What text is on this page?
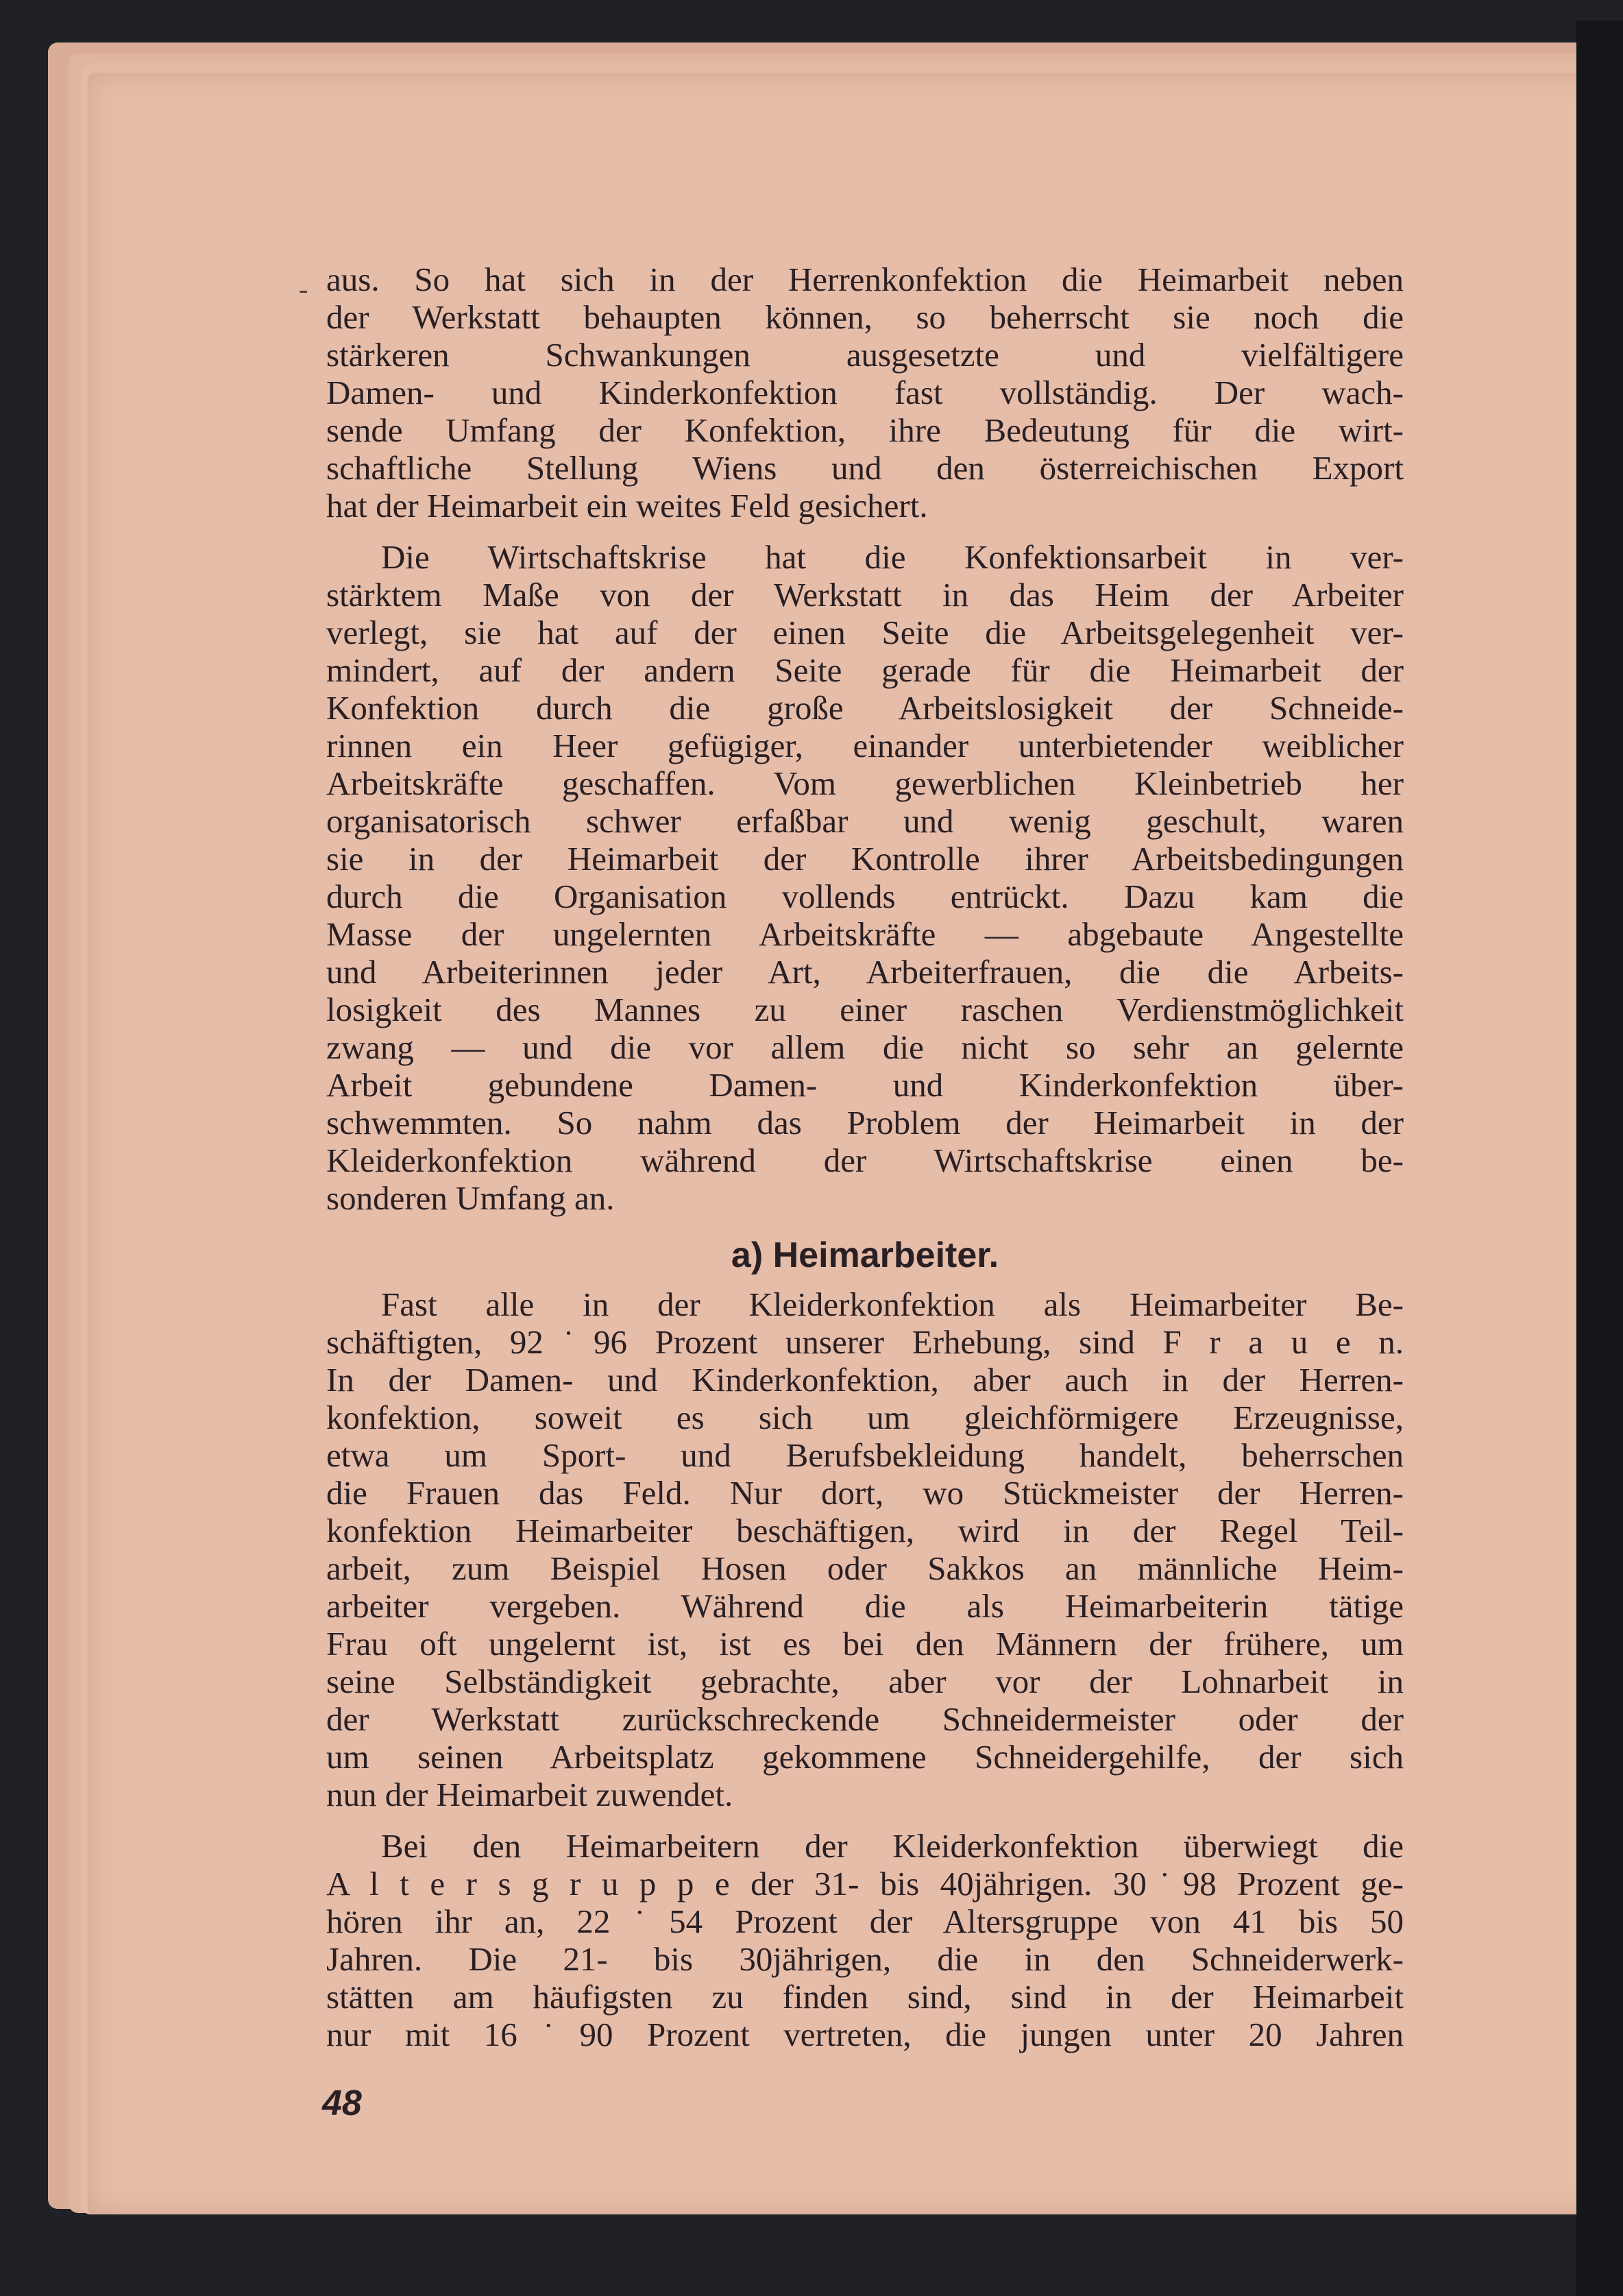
- aus. So hat sich in der Herrenkonfektion die Heimarbeit neben
der Werkstatt behaupten können, so beherrscht sie noch die
stärkeren Schwankungen ausgesetzte und vielfältigere
Damen- und Kinderkonfektion fast vollständig. Der wach-
sende Umfang der Konfektion, ihre Bedeutung für die wirt-
schaftliche Stellung Wiens und den österreichischen Export
hat der Heimarbeit ein weites Feld gesichert.
Die Wirtschaftskrise hat die Konfektionsarbeit in ver-
stärktem Maße von der Werkstatt in das Heim der Arbeiter
verlegt, sie hat auf der einen Seite die Arbeitsgelegenheit ver-
mindert, auf der andern Seite gerade für die Heimarbeit der
Konfektion durch die große Arbeitslosigkeit der Schneide-
rinnen ein Heer gefügiger, einander unterbietender weiblicher
Arbeitskräfte geschaffen. Vom gewerblichen Kleinbetrieb her
organisatorisch schwer erfaßbar und wenig geschult, waren
sie in der Heimarbeit der Kontrolle ihrer Arbeitsbedingungen
durch die Organisation vollends entrückt. Dazu kam die
Masse der ungelernten Arbeitskräfte — abgebaute Angestellte
und Arbeiterinnen jeder Art, Arbeiterfrauen, die die Arbeits-
losigkeit des Mannes zu einer raschen Verdienstmöglichkeit
zwang — und die vor allem die nicht so sehr an gelernte
Arbeit gebundene Damen- und Kinderkonfektion über-
schwemmten. So nahm das Problem der Heimarbeit in der
Kleiderkonfektion während der Wirtschaftskrise einen be-
sonderen Umfang an.
a) Heimarbeiter.
Fast alle in der Kleiderkonfektion als Heimarbeiter Be-
schäftigten, 92˙96 Prozent unserer Erhebung, sind F r a u e n.
In der Damen- und Kinderkonfektion, aber auch in der Herren-
konfektion, soweit es sich um gleichförmigere Erzeugnisse,
etwa um Sport- und Berufsbekleidung handelt, beherrschen
die Frauen das Feld. Nur dort, wo Stückmeister der Herren-
konfektion Heimarbeiter beschäftigen, wird in der Regel Teil-
arbeit, zum Beispiel Hosen oder Sakkos an männliche Heim-
arbeiter vergeben. Während die als Heimarbeiterin tätige
Frau oft ungelernt ist, ist es bei den Männern der frühere, um
seine Selbständigkeit gebrachte, aber vor der Lohnarbeit in
der Werkstatt zurückschreckende Schneidermeister oder der
um seinen Arbeitsplatz gekommene Schneidergehilfe, der sich
nun der Heimarbeit zuwendet.
Bei den Heimarbeitern der Kleiderkonfektion überwiegt die
A l t e r s g r u p p e der 31- bis 40jährigen. 30˙98 Prozent ge-
hören ihr an, 22˙54 Prozent der Altersgruppe von 41 bis 50
Jahren. Die 21- bis 30jährigen, die in den Schneiderwerk-
stätten am häufigsten zu finden sind, sind in der Heimarbeit
nur mit 16˙90 Prozent vertreten, die jungen unter 20 Jahren
48
